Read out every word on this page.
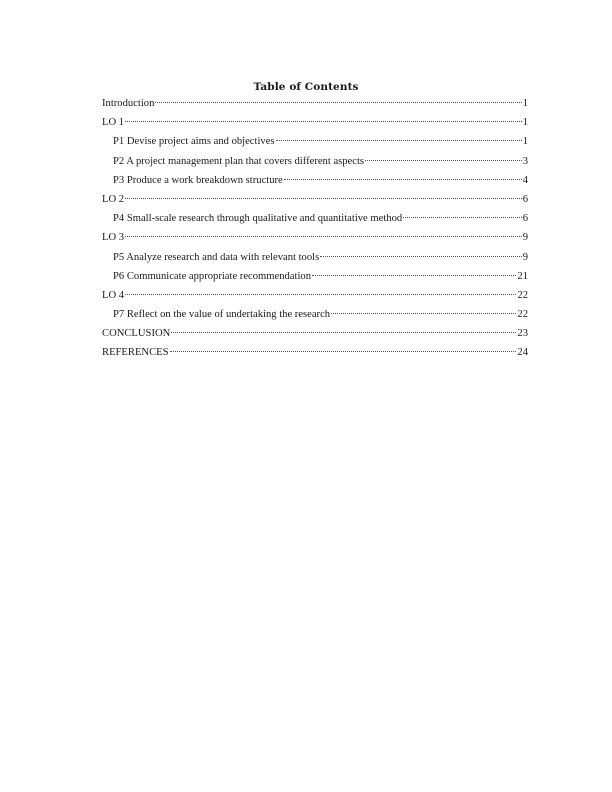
Table of Contents
Introduction	1
LO 1	1
P1 Devise project aims and objectives	1
P2 A project management plan that covers different aspects	3
P3 Produce a work breakdown structure	4
LO 2	6
P4 Small-scale research through qualitative and quantitative method	6
LO 3	9
P5 Analyze research and data with relevant tools	9
P6 Communicate appropriate recommendation	21
LO 4	22
P7 Reflect on the value of undertaking the research	22
CONCLUSION	23
REFERENCES	24
